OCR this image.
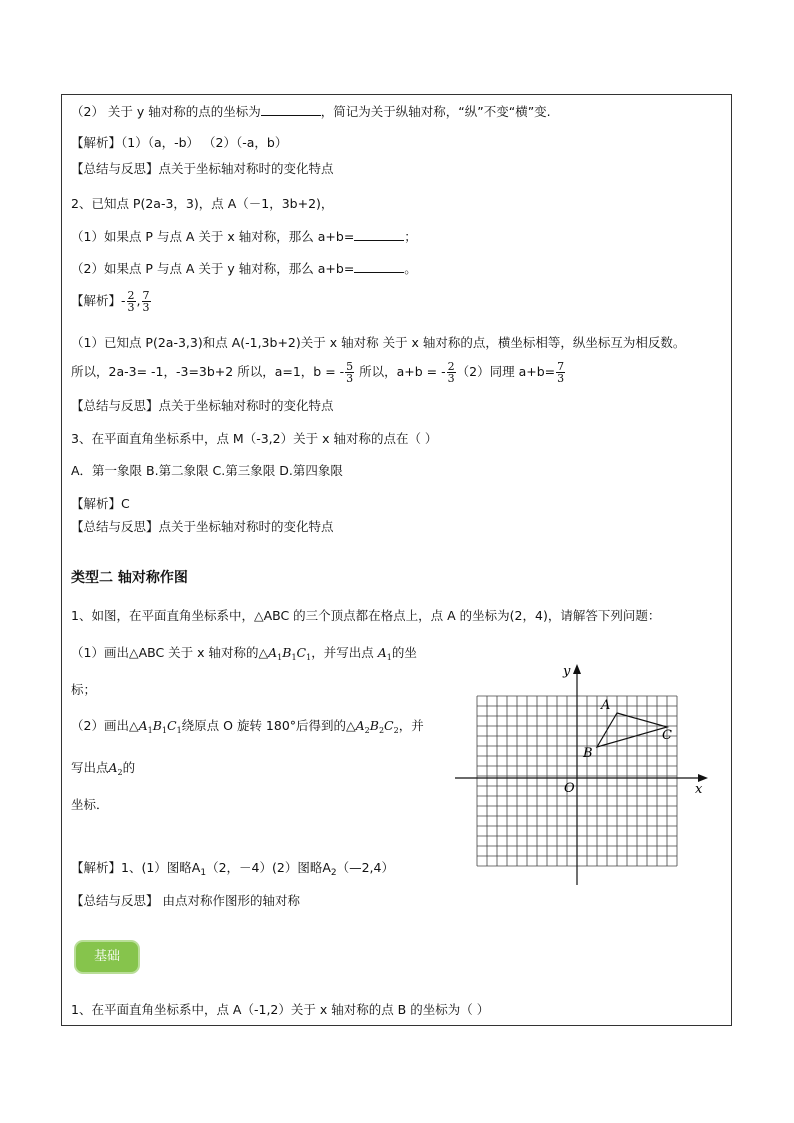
（2） 关于 y 轴对称的点的坐标为	，简记为关于纵轴对称，“纵”不变“横”变.
【解析】（1）（a，-b） （2）（-a，b）
【总结与反思】点关于坐标轴对称时的变化特点
2、已知点 P(2a-3，3)，点 A（－1，3b+2)，
（1）如果点 P 与点 A 关于 x 轴对称，那么 a+b=	；
（2）如果点 P 与点 A 关于 y 轴对称，那么 a+b=	。
【解析】- $\frac{2}{3}$ , $\frac{7}{3}$
（1）已知点 P(2a-3,3)和点 A(-1,3b+2)关于 x 轴对称 关于 x 轴对称的点，横坐标相等，纵坐标互为相反数。
所以，2a-3= -1，-3=3b+2 所以，a=1，b = - $\frac{5}{3}$ 所以，a+b = - $\frac{2}{3} (2)$同理 $a+b= \frac{7}{3}$
【总结与反思】点关于坐标轴对称时的变化特点
3、在平面直角坐标系中，点 M（-3,2）关于 x 轴对称的点在（ ）
A．第一象限 B.第二象限 C.第三象限 D.第四象限
【解析】C
【总结与反思】点关于坐标轴对称时的变化特点
类型二 轴对称作图
1、如图，在平面直角坐标系中，△ABC 的三个顶点都在格点上，点 A 的坐标为(2，4)，请解答下列问题：
（1）画出△ABC 关于 x 轴对称的$\triangle A_1B_1C_1$，并写出点 $A_1$的坐
标；
（2）画出$\triangle A_1B_1C_1$绕原点 O 旋转 180°后得到的$\triangle A_2B_2C_2$，并
写出点$A_2$的
坐标．
【解析】1、(1）图略$A_1(2$，－4）(2）图略$A_2(—2,4)$
【总结与反思】 由点对称作图形的轴对称
y
x
O
A
B
C
基础
1、在平面直角坐标系中，点 A（-1,2）关于 x 轴对称的点 B 的坐标为（ ）
